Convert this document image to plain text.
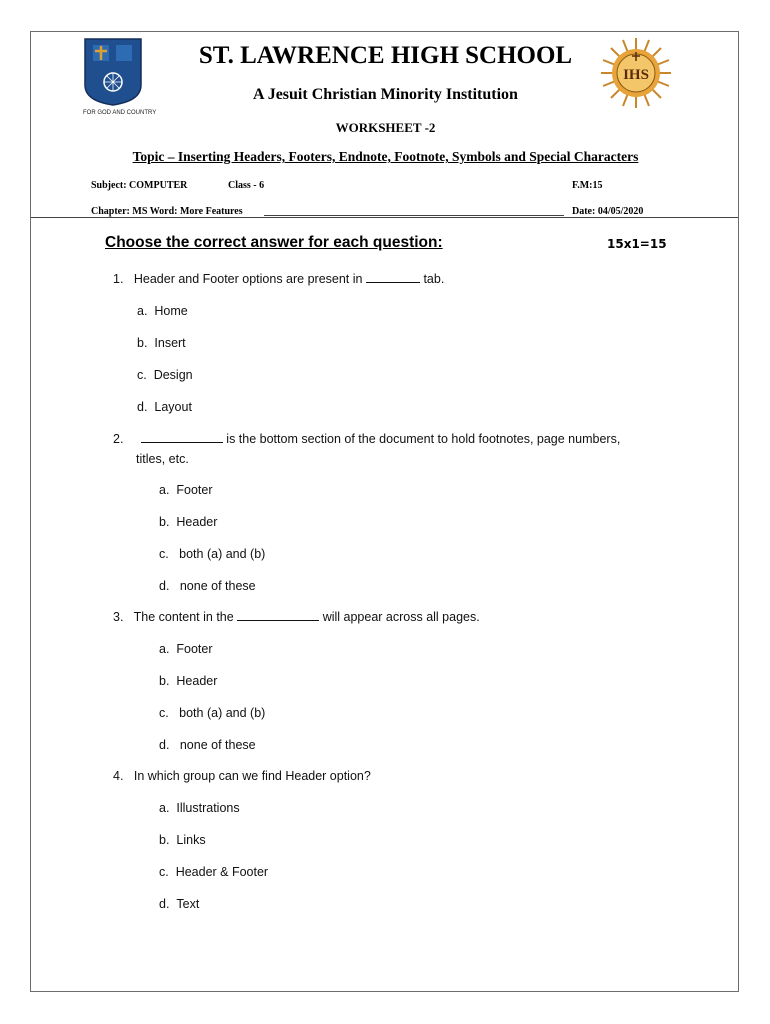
FOR GOD AND COUNTRY
ST. LAWRENCE HIGH SCHOOL
A Jesuit Christian Minority Institution
WORKSHEET -2
Topic – Inserting Headers, Footers, Endnote, Footnote, Symbols and Special Characters
IHS
Subject: COMPUTER	Class - 6	F.M:15
Chapter: MS Word: More Features	Date: 04/05/2020
Choose the correct answer for each question:	15x1=15
1. Header and Footer options are present in	tab.
a. Home
b. Insert
c. Design
d. Layout
2.	is the bottom section of the document to hold footnotes, page numbers,
titles, etc.
a. Footer
b. Header
c. both (a) and (b)
d. none of these
3. The content in the	will appear across all pages.
a. Footer
b. Header
c. both (a) and (b)
d. none of these
4. In which group can we find Header option?
a. Illustrations
b. Links
c. Header & Footer
d. Text
